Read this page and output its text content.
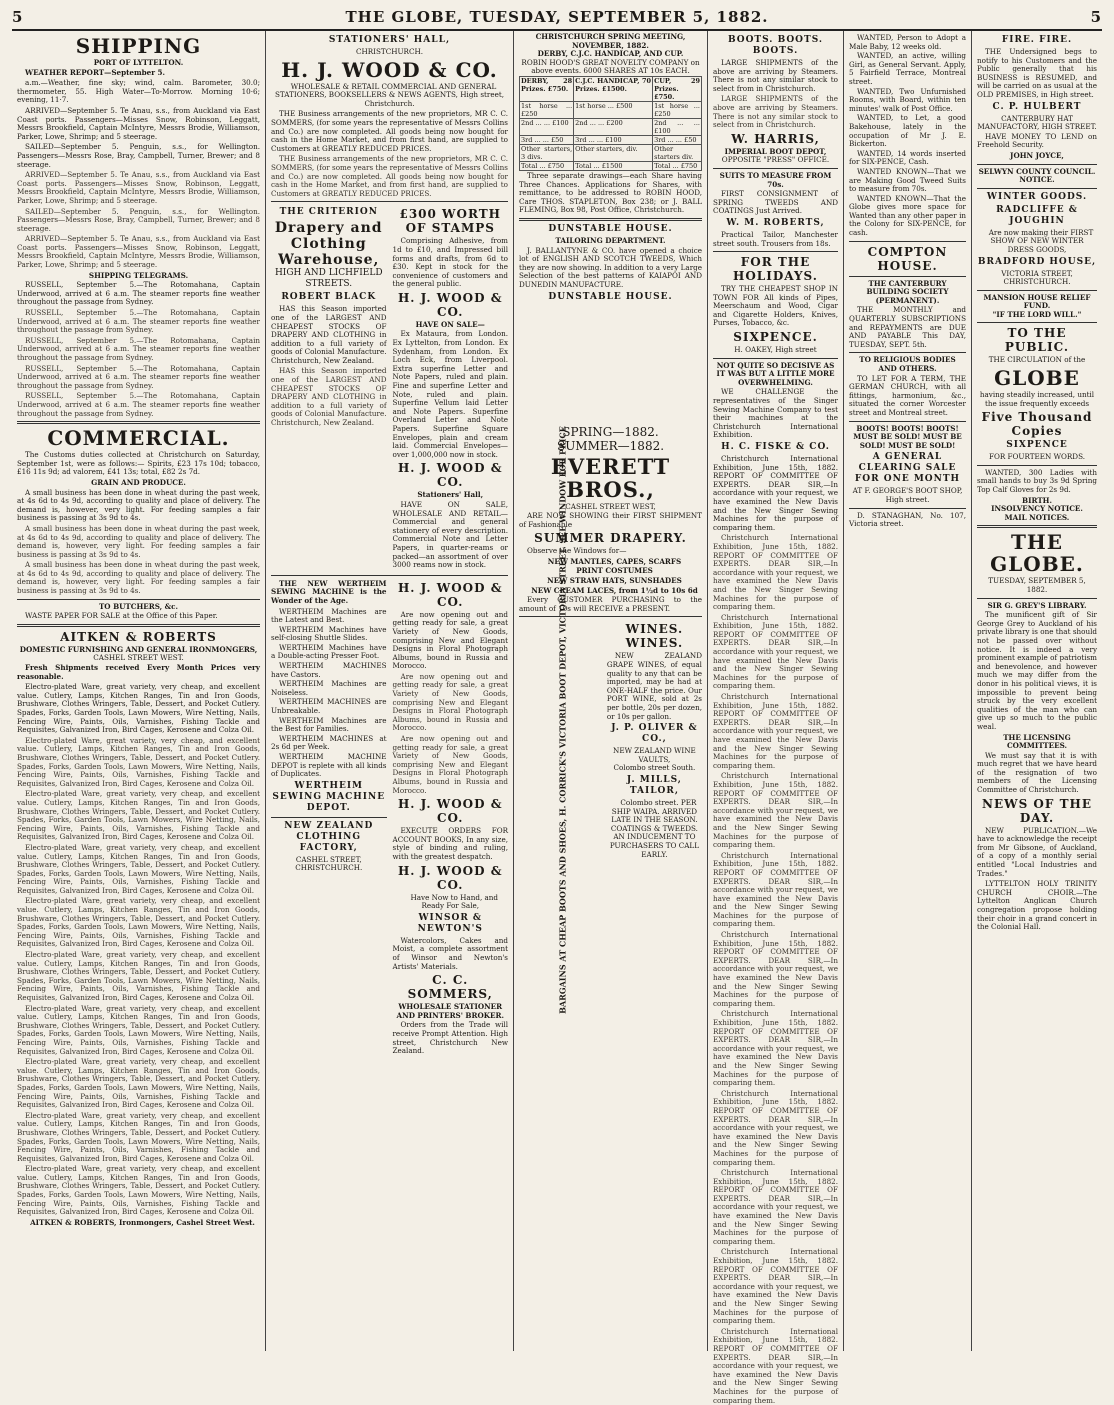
5	THE GLOBE, TUESDAY, SEPTEMBER 5, 1882.	5
SHIPPING
PORT OF LYTTELTON.

WEATHER REPORT—September 5.

a.m.—Weather, fine sky; wind, calm. Barometer, 30.0; thermometer, 55. High Water—To-Morrow. Morning 10·6; evening, 11·7.

ARRIVED—September 5. Te Anau, s.s., from Auckland via East Coast ports. Passengers—Misses Snow, Robinson, Leggatt, Messrs Brookfield, Captain McIntyre, Messrs Brodie, Williamson, Parker, Lowe, Shrimp; and 5 steerage.

SAILED—September 5. Penguin, s.s., for Wellington. Passengers—Messrs Rose, Bray, Campbell, Turner, Brewer; and 8 steerage.

ARRIVED—September 5. Te Anau, s.s., from Auckland via East Coast ports. Passengers—Misses Snow, Robinson, Leggatt, Messrs Brookfield, Captain McIntyre, Messrs Brodie, Williamson, Parker, Lowe, Shrimp; and 5 steerage.

SAILED—September 5. Penguin, s.s., for Wellington. Passengers—Messrs Rose, Bray, Campbell, Turner, Brewer; and 8 steerage.

ARRIVED—September 5. Te Anau, s.s., from Auckland via East Coast ports. Passengers—Misses Snow, Robinson, Leggatt, Messrs Brookfield, Captain McIntyre, Messrs Brodie, Williamson, Parker, Lowe, Shrimp; and 5 steerage.

SHIPPING TELEGRAMS.

RUSSELL, September 5.—The Rotomahana, Captain Underwood, arrived at 6 a.m. The steamer reports fine weather throughout the passage from Sydney.

RUSSELL, September 5.—The Rotomahana, Captain Underwood, arrived at 6 a.m. The steamer reports fine weather throughout the passage from Sydney.

RUSSELL, September 5.—The Rotomahana, Captain Underwood, arrived at 6 a.m. The steamer reports fine weather throughout the passage from Sydney.

RUSSELL, September 5.—The Rotomahana, Captain Underwood, arrived at 6 a.m. The steamer reports fine weather throughout the passage from Sydney.

RUSSELL, September 5.—The Rotomahana, Captain Underwood, arrived at 6 a.m. The steamer reports fine weather throughout the passage from Sydney.

COMMERCIAL.

The Customs duties collected at Christchurch on Saturday, September 1st, were as follows:— Spirits, £23 17s 10d; tobacco, £16 11s 9d; ad valorem, £41 13s; total, £82 2s 7d.

GRAIN AND PRODUCE.

A small business has been done in wheat during the past week, at 4s 6d to 4s 9d, according to quality and place of delivery. The demand is, however, very light. For feeding samples a fair business is passing at 3s 9d to 4s.

A small business has been done in wheat during the past week, at 4s 6d to 4s 9d, according to quality and place of delivery. The demand is, however, very light. For feeding samples a fair business is passing at 3s 9d to 4s.

A small business has been done in wheat during the past week, at 4s 6d to 4s 9d, according to quality and place of delivery. The demand is, however, very light. For feeding samples a fair business is passing at 3s 9d to 4s.

TO BUTCHERS, &c.

WASTE PAPER FOR SALE at the Office of this Paper.

AITKEN & ROBERTS
DOMESTIC FURNISHING AND GENERAL IRONMONGERS,
CASHEL STREET WEST.

Fresh Shipments received Every Month Prices very reasonable.

Electro-plated Ware, great variety, very cheap, and excellent value. Cutlery, Lamps, Kitchen Ranges, Tin and Iron Goods, Brushware, Clothes Wringers, Table, Dessert, and Pocket Cutlery. Spades, Forks, Garden Tools, Lawn Mowers, Wire Netting, Nails, Fencing Wire, Paints, Oils, Varnishes, Fishing Tackle and Requisites, Galvanized Iron, Bird Cages, Kerosene and Colza Oil.

Electro-plated Ware, great variety, very cheap, and excellent value. Cutlery, Lamps, Kitchen Ranges, Tin and Iron Goods, Brushware, Clothes Wringers, Table, Dessert, and Pocket Cutlery. Spades, Forks, Garden Tools, Lawn Mowers, Wire Netting, Nails, Fencing Wire, Paints, Oils, Varnishes, Fishing Tackle and Requisites, Galvanized Iron, Bird Cages, Kerosene and Colza Oil.

Electro-plated Ware, great variety, very cheap, and excellent value. Cutlery, Lamps, Kitchen Ranges, Tin and Iron Goods, Brushware, Clothes Wringers, Table, Dessert, and Pocket Cutlery. Spades, Forks, Garden Tools, Lawn Mowers, Wire Netting, Nails, Fencing Wire, Paints, Oils, Varnishes, Fishing Tackle and Requisites, Galvanized Iron, Bird Cages, Kerosene and Colza Oil.

Electro-plated Ware, great variety, very cheap, and excellent value. Cutlery, Lamps, Kitchen Ranges, Tin and Iron Goods, Brushware, Clothes Wringers, Table, Dessert, and Pocket Cutlery. Spades, Forks, Garden Tools, Lawn Mowers, Wire Netting, Nails, Fencing Wire, Paints, Oils, Varnishes, Fishing Tackle and Requisites, Galvanized Iron, Bird Cages, Kerosene and Colza Oil.

Electro-plated Ware, great variety, very cheap, and excellent value. Cutlery, Lamps, Kitchen Ranges, Tin and Iron Goods, Brushware, Clothes Wringers, Table, Dessert, and Pocket Cutlery. Spades, Forks, Garden Tools, Lawn Mowers, Wire Netting, Nails, Fencing Wire, Paints, Oils, Varnishes, Fishing Tackle and Requisites, Galvanized Iron, Bird Cages, Kerosene and Colza Oil.

Electro-plated Ware, great variety, very cheap, and excellent value. Cutlery, Lamps, Kitchen Ranges, Tin and Iron Goods, Brushware, Clothes Wringers, Table, Dessert, and Pocket Cutlery. Spades, Forks, Garden Tools, Lawn Mowers, Wire Netting, Nails, Fencing Wire, Paints, Oils, Varnishes, Fishing Tackle and Requisites, Galvanized Iron, Bird Cages, Kerosene and Colza Oil.

Electro-plated Ware, great variety, very cheap, and excellent value. Cutlery, Lamps, Kitchen Ranges, Tin and Iron Goods, Brushware, Clothes Wringers, Table, Dessert, and Pocket Cutlery. Spades, Forks, Garden Tools, Lawn Mowers, Wire Netting, Nails, Fencing Wire, Paints, Oils, Varnishes, Fishing Tackle and Requisites, Galvanized Iron, Bird Cages, Kerosene and Colza Oil.

Electro-plated Ware, great variety, very cheap, and excellent value. Cutlery, Lamps, Kitchen Ranges, Tin and Iron Goods, Brushware, Clothes Wringers, Table, Dessert, and Pocket Cutlery. Spades, Forks, Garden Tools, Lawn Mowers, Wire Netting, Nails, Fencing Wire, Paints, Oils, Varnishes, Fishing Tackle and Requisites, Galvanized Iron, Bird Cages, Kerosene and Colza Oil.

Electro-plated Ware, great variety, very cheap, and excellent value. Cutlery, Lamps, Kitchen Ranges, Tin and Iron Goods, Brushware, Clothes Wringers, Table, Dessert, and Pocket Cutlery. Spades, Forks, Garden Tools, Lawn Mowers, Wire Netting, Nails, Fencing Wire, Paints, Oils, Varnishes, Fishing Tackle and Requisites, Galvanized Iron, Bird Cages, Kerosene and Colza Oil.

Electro-plated Ware, great variety, very cheap, and excellent value. Cutlery, Lamps, Kitchen Ranges, Tin and Iron Goods, Brushware, Clothes Wringers, Table, Dessert, and Pocket Cutlery. Spades, Forks, Garden Tools, Lawn Mowers, Wire Netting, Nails, Fencing Wire, Paints, Oils, Varnishes, Fishing Tackle and Requisites, Galvanized Iron, Bird Cages, Kerosene and Colza Oil.

AITKEN & ROBERTS, Ironmongers, Cashel Street West.

STATIONERS' HALL,
CHRISTCHURCH.
H. J. WOOD & CO.

WHOLESALE & RETAIL COMMERCIAL AND GENERAL STATIONERS, BOOKSELLERS & NEWS AGENTS, High street, Christchurch.

THE Business arrangements of the new proprietors, MR C. C. SOMMERS, (for some years the representative of Messrs Collins and Co.) are now completed. All goods being now bought for cash in the Home Market, and from first hand, are supplied to Customers at GREATLY REDUCED PRICES.

THE Business arrangements of the new proprietors, MR C. C. SOMMERS, (for some years the representative of Messrs Collins and Co.) are now completed. All goods being now bought for cash in the Home Market, and from first hand, are supplied to Customers at GREATLY REDUCED PRICES.

THE CRITERION
Drapery and Clothing Warehouse,
HIGH AND LICHFIELD STREETS.
ROBERT BLACK

HAS this Season imported one of the LARGEST AND CHEAPEST STOCKS OF DRAPERY AND CLOTHING in addition to a full variety of goods of Colonial Manufacture. Christchurch, New Zealand.

HAS this Season imported one of the LARGEST AND CHEAPEST STOCKS OF DRAPERY AND CLOTHING in addition to a full variety of goods of Colonial Manufacture. Christchurch, New Zealand.

£300 WORTH OF STAMPS

Comprising Adhesive, from 1d to £10, and Impressed bill forms and drafts, from 6d to £30. Kept in stock for the convenience of customers and the general public.

H. J. WOOD & CO.
HAVE ON SALE—

Ex Mataura, from London. Ex Lyttelton, from London. Ex Sydenham, from London. Ex Loch Eck, from Liverpool. Extra superfine Letter and Note Papers, ruled and plain. Fine and superfine Letter and Note, ruled and plain. Superfine Vellum laid Letter and Note Papers. Superfine Overland Letter and Note Papers. Superfine Square Envelopes, plain and cream laid. Commercial Envelopes—over 1,000,000 now in stock.

H. J. WOOD & CO.
Stationers' Hall,

HAVE ON SALE, WHOLESALE AND RETAIL— Commercial and general stationery of every description. Commercial Note and Letter Papers, in quarter-reams or packed—an assortment of over 3000 reams now in stock.

THE NEW WERTHEIM SEWING MACHINE is the Wonder of the Age.

WERTHEIM Machines are the Latest and Best.

WERTHEIM Machines have self-closing Shuttle Slides.

WERTHEIM Machines have a Double-acting Presser Foot.

WERTHEIM MACHINES have Castors.

WERTHEIM Machines are Noiseless.

WERTHEIM MACHINES are Unbreakable.

WERTHEIM Machines are the Best for Families.

WERTHEIM MACHINES at 2s 6d per Week.

WERTHEIM MACHINE DEPOT is replete with all kinds of Duplicates.

WERTHEIM SEWING MACHINE DEPOT.
NEW ZEALAND CLOTHING FACTORY,
CASHEL STREET, CHRISTCHURCH.
H. J. WOOD & CO.

Are now opening out and getting ready for sale, a great Variety of New Goods, comprising New and Elegant Designs in Floral Photograph Albums, bound in Russia and Morocco.

Are now opening out and getting ready for sale, a great Variety of New Goods, comprising New and Elegant Designs in Floral Photograph Albums, bound in Russia and Morocco.

Are now opening out and getting ready for sale, a great Variety of New Goods, comprising New and Elegant Designs in Floral Photograph Albums, bound in Russia and Morocco.

H. J. WOOD & CO.

EXECUTE ORDERS FOR ACCOUNT BOOKS, In any size, style of binding and ruling, with the greatest despatch.

H. J. WOOD & CO.

Have Now to Hand, and Ready For Sale,

WINSOR & NEWTON'S

Watercolors, Cakes and Moist, a complete assortment of Winsor and Newton's Artists' Materials.

C. C. SOMMERS,
WHOLESALE STATIONER AND PRINTERS' BROKER.

Orders from the Trade will receive Prompt Attention. High street, Christchurch New Zealand.

CHRISTCHURCH SPRING MEETING, NOVEMBER, 1882.
DERBY, C.J.C. HANDICAP, AND CUP.
ROBIN HOOD'S GREAT NOVELTY COMPANY on above events. 6000 SHARES AT 10s EACH.
DERBY, 28 Prizes. £750.	C.J.C. HANDICAP, 70 Prizes. £1500.	CUP, 29 Prizes. £750.
1st horse ... £250	1st horse ... £500	1st horse ... £250
2nd ... ... £100	2nd ... ... £200	2nd ... ... £100
3rd ... ... £50	3rd ... ... £100	3rd ... ... £50
Other starters, 3 divs.	Other starters, div.	Other starters div.
Total ... £750	Total ... £1500	Total ... £750

Three separate drawings—each Share having Three Chances. Applications for Shares, with remittance, to be addressed to ROBIN HOOD, Care THOS. STAPLETON, Box 238; or J. BALL FLEMING, Box 98, Post Office, Christchurch.

DUNSTABLE HOUSE.
TAILORING DEPARTMENT.

J. BALLANTYNE & CO. have opened a choice lot of ENGLISH AND SCOTCH TWEEDS, Which they are now showing. In addition to a very Large Selection of the best patterns of KAIAPOI AND DUNEDIN MANUFACTURE.

DUNSTABLE HOUSE.
SPRING—1882.
SUMMER—1882.
EVERETT BROS.,
CASHEL STREET WEST,

ARE NOW SHOWING their FIRST SHIPMENT of Fashionable

SUMMER DRAPERY.

Observe the Windows for—

NEW MANTLES, CAPES, SCARFS

PRINT COSTUMES

NEW STRAW HATS, SUNSHADES

NEW CREAM LACES, from 1½d to 10s 6d

Every CUSTOMER PURCHASING to the amount of 10s will RECEIVE a PRESENT.

BARGAINS AT CHEAP BOOTS AND SHOES, H. CORRICK'S VICTORIA BOOT DEPOT, VICTORIA STREET. SEE WINDOW FOR PRICE	WINES. WINES.

NEW ZEALAND GRAPE WINES, of equal quality to any that can be imported, may be had at ONE-HALF the price. Our PORT WINE, sold at 2s per bottle, 20s per dozen, or 10s per gallon.

J. P. OLIVER & CO.,
NEW ZEALAND WINE VAULTS,
Colombo street South.
J. MILLS, TAILOR,

Colombo street. PER SHIP WAIPA. ARRIVED LATE IN THE SEASON. COATINGS & TWEEDS. AN INDUCEMENT TO PURCHASERS TO CALL EARLY.

BOOTS. BOOTS. BOOTS.

LARGE SHIPMENTS of the above are arriving by Steamers. There is not any similar stock to select from in Christchurch.

LARGE SHIPMENTS of the above are arriving by Steamers. There is not any similar stock to select from in Christchurch.

W. HARRIS,
IMPERIAL BOOT DEPOT,
OPPOSITE "PRESS" OFFICE.
SUITS TO MEASURE FROM 70s.

FIRST CONSIGNMENT of SPRING TWEEDS AND COATINGS Just Arrived.

W. M. ROBERTS,

Practical Tailor, Manchester street south. Trousers from 18s.

FOR THE HOLIDAYS.

TRY THE CHEAPEST SHOP IN TOWN FOR All kinds of Pipes, Meerschaum and Wood, Cigar and Cigarette Holders, Knives, Purses, Tobacco, &c.

SIXPENCE.
H. OAKEY, High street
NOT QUITE SO DECISIVE AS IT WAS BUT A LITTLE MORE OVERWHELMING.

WE CHALLENGE the representatives of the Singer Sewing Machine Company to test their machines at the Christchurch International Exhibition.

H. C. FISKE & CO.

Christchurch International Exhibition, June 15th, 1882. REPORT OF COMMITTEE OF EXPERTS. DEAR SIR,—In accordance with your request, we have examined the New Davis and the New Singer Sewing Machines for the purpose of comparing them.

Christchurch International Exhibition, June 15th, 1882. REPORT OF COMMITTEE OF EXPERTS. DEAR SIR,—In accordance with your request, we have examined the New Davis and the New Singer Sewing Machines for the purpose of comparing them.

Christchurch International Exhibition, June 15th, 1882. REPORT OF COMMITTEE OF EXPERTS. DEAR SIR,—In accordance with your request, we have examined the New Davis and the New Singer Sewing Machines for the purpose of comparing them.

Christchurch International Exhibition, June 15th, 1882. REPORT OF COMMITTEE OF EXPERTS. DEAR SIR,—In accordance with your request, we have examined the New Davis and the New Singer Sewing Machines for the purpose of comparing them.

Christchurch International Exhibition, June 15th, 1882. REPORT OF COMMITTEE OF EXPERTS. DEAR SIR,—In accordance with your request, we have examined the New Davis and the New Singer Sewing Machines for the purpose of comparing them.

Christchurch International Exhibition, June 15th, 1882. REPORT OF COMMITTEE OF EXPERTS. DEAR SIR,—In accordance with your request, we have examined the New Davis and the New Singer Sewing Machines for the purpose of comparing them.

Christchurch International Exhibition, June 15th, 1882. REPORT OF COMMITTEE OF EXPERTS. DEAR SIR,—In accordance with your request, we have examined the New Davis and the New Singer Sewing Machines for the purpose of comparing them.

Christchurch International Exhibition, June 15th, 1882. REPORT OF COMMITTEE OF EXPERTS. DEAR SIR,—In accordance with your request, we have examined the New Davis and the New Singer Sewing Machines for the purpose of comparing them.

Christchurch International Exhibition, June 15th, 1882. REPORT OF COMMITTEE OF EXPERTS. DEAR SIR,—In accordance with your request, we have examined the New Davis and the New Singer Sewing Machines for the purpose of comparing them.

Christchurch International Exhibition, June 15th, 1882. REPORT OF COMMITTEE OF EXPERTS. DEAR SIR,—In accordance with your request, we have examined the New Davis and the New Singer Sewing Machines for the purpose of comparing them.

Christchurch International Exhibition, June 15th, 1882. REPORT OF COMMITTEE OF EXPERTS. DEAR SIR,—In accordance with your request, we have examined the New Davis and the New Singer Sewing Machines for the purpose of comparing them.

Christchurch International Exhibition, June 15th, 1882. REPORT OF COMMITTEE OF EXPERTS. DEAR SIR,—In accordance with your request, we have examined the New Davis and the New Singer Sewing Machines for the purpose of comparing them.

WANTED, Person to Adopt a Male Baby, 12 weeks old.

WANTED, an active, willing Girl, as General Servant. Apply, 5 Fairfield Terrace, Montreal street.

WANTED, Two Unfurnished Rooms, with Board, within ten minutes' walk of Post Office.

WANTED, to Let, a good Bakehouse, lately in the occupation of Mr J. E. Bickerton.

WANTED, 14 words inserted for SIX-PENCE, Cash.

WANTED KNOWN—That we are Making Good Tweed Suits to measure from 70s.

WANTED KNOWN—That the Globe gives more space for Wanted than any other paper in the Colony for SIX-PENCE, for cash.

COMPTON HOUSE.
THE CANTERBURY BUILDING SOCIETY (PERMANENT).

THE MONTHLY and QUARTERLY SUBSCRIPTIONS and REPAYMENTS are DUE AND PAYABLE This DAY, TUESDAY, SEPT. 5th.

TO RELIGIOUS BODIES AND OTHERS.

TO LET FOR A TERM, THE GERMAN CHURCH, with all fittings, harmonium, &c., situated the corner Worcester street and Montreal street.

BOOTS! BOOTS! BOOTS!
MUST BE SOLD! MUST BE SOLD! MUST BE SOLD!
A GENERAL CLEARING SALE FOR ONE MONTH
AT F. GEORGE'S BOOT SHOP, High street.

D. STANAGHAN, No. 107, Victoria street.

FIRE. FIRE.

THE Undersigned begs to notify to his Customers and the Public generally that his BUSINESS is RESUMED, and will be carried on as usual at the OLD PREMISES, in High street.

C. P. HULBERT
CANTERBURY HAT MANUFACTORY, HIGH STREET.

HAVE MONEY TO LEND on Freehold Security.

JOHN JOYCE,
SELWYN COUNTY COUNCIL.
NOTICE.
WINTER GOODS.
RADCLIFFE & JOUGHIN

Are now making their FIRST SHOW OF NEW WINTER DRESS GOODS,

BRADFORD HOUSE,
VICTORIA STREET, CHRISTCHURCH.
MANSION HOUSE RELIEF FUND.
"IF THE LORD WILL."
TO THE PUBLIC.
THE CIRCULATION of the
GLOBE
having steadily increased, until the issue frequently exceeds
Five Thousand Copies
SIXPENCE
FOR FOURTEEN WORDS.

WANTED, 300 Ladies with small hands to buy 3s 9d Spring Top Calf Gloves for 2s 9d.

BIRTH.
INSOLVENCY NOTICE.
MAIL NOTICES.
THE GLOBE.
TUESDAY, SEPTEMBER 5, 1882.
SIR G. GREY'S LIBRARY.

The munificent gift of Sir George Grey to Auckland of his private library is one that should not be passed over without notice. It is indeed a very prominent example of patriotism and benevolence, and however much we may differ from the donor in his political views, it is impossible to prevent being struck by the very excellent qualities of the man who can give up so much to the public weal.

THE LICENSING COMMITTEES.

We must say that it is with much regret that we have heard of the resignation of two members of the Licensing Committee of Christchurch.

NEWS OF THE DAY.

NEW PUBLICATION.—We have to acknowledge the receipt from Mr Gibsone, of Auckland, of a copy of a monthly serial entitled "Local Industries and Trades."

LYTTELTON HOLY TRINITY CHURCH CHOIR.—The Lyttelton Anglican Church congregation propose holding their choir in a grand concert in the Colonial Hall.
